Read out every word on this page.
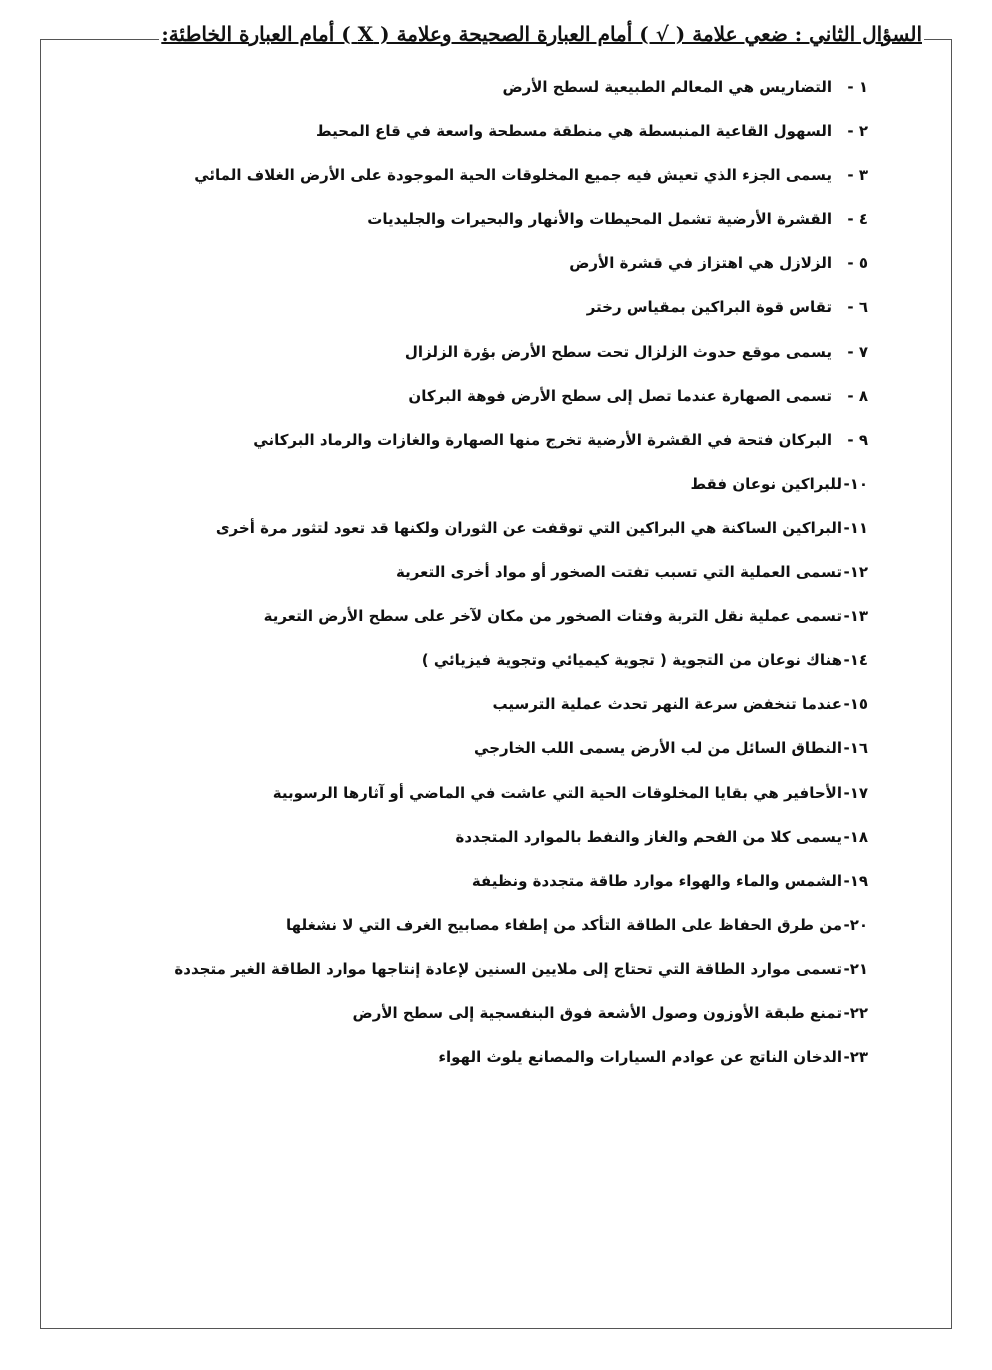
السؤال الثاني : ضعي علامة ( √ ) أمام العبارة الصحيحة وعلامة ( X ) أمام العبارة الخاطئة:
١ -التضاريس هي المعالم الطبيعية لسطح الأرض
٢ -السهول القاعية المنبسطة هي منطقة مسطحة واسعة في قاع المحيط
٣ -يسمى الجزء الذي تعيش فيه جميع المخلوقات الحية الموجودة على الأرض الغلاف المائي
٤ -القشرة الأرضية تشمل المحيطات والأنهار والبحيرات والجليديات
٥ -الزلازل هي اهتزاز في قشرة الأرض
٦ -تقاس قوة البراكين بمقياس رختر
٧ -يسمى موقع حدوث الزلزال تحت سطح الأرض بؤرة الزلزال
٨ -تسمى الصهارة عندما تصل إلى سطح الأرض فوهة البركان
٩ -البركان فتحة في القشرة الأرضية تخرج منها الصهارة والغازات والرماد البركاني
١٠-للبراكين نوعان فقط
١١-البراكين الساكنة هي البراكين التي توقفت عن الثوران ولكنها قد تعود لتثور مرة أخرى
١٢-تسمى العملية التي تسبب تفتت الصخور أو مواد أخرى التعرية
١٣-تسمى عملية نقل التربة وفتات الصخور من مكان لآخر على سطح الأرض التعرية
١٤-هناك نوعان من التجوية ( تجوية كيميائي وتجوية فيزيائي )
١٥-عندما تنخفض سرعة النهر تحدث عملية الترسيب
١٦-النطاق السائل من لب الأرض يسمى اللب الخارجي
١٧-الأحافير هي بقايا المخلوقات الحية التي عاشت في الماضي أو آثارها الرسوبية
١٨-يسمى كلا من الفحم والغاز والنفط بالموارد المتجددة
١٩-الشمس والماء والهواء موارد طاقة متجددة ونظيفة
٢٠-من طرق الحفاظ على الطاقة التأكد من إطفاء مصابيح الغرف التي لا نشغلها
٢١-تسمى موارد الطاقة التي تحتاج إلى ملايين السنين لإعادة إنتاجها موارد الطاقة الغير متجددة
٢٢-تمنع طبقة الأوزون وصول الأشعة فوق البنفسجية إلى سطح الأرض
٢٣-الدخان الناتج عن عوادم السيارات والمصانع يلوث الهواء
